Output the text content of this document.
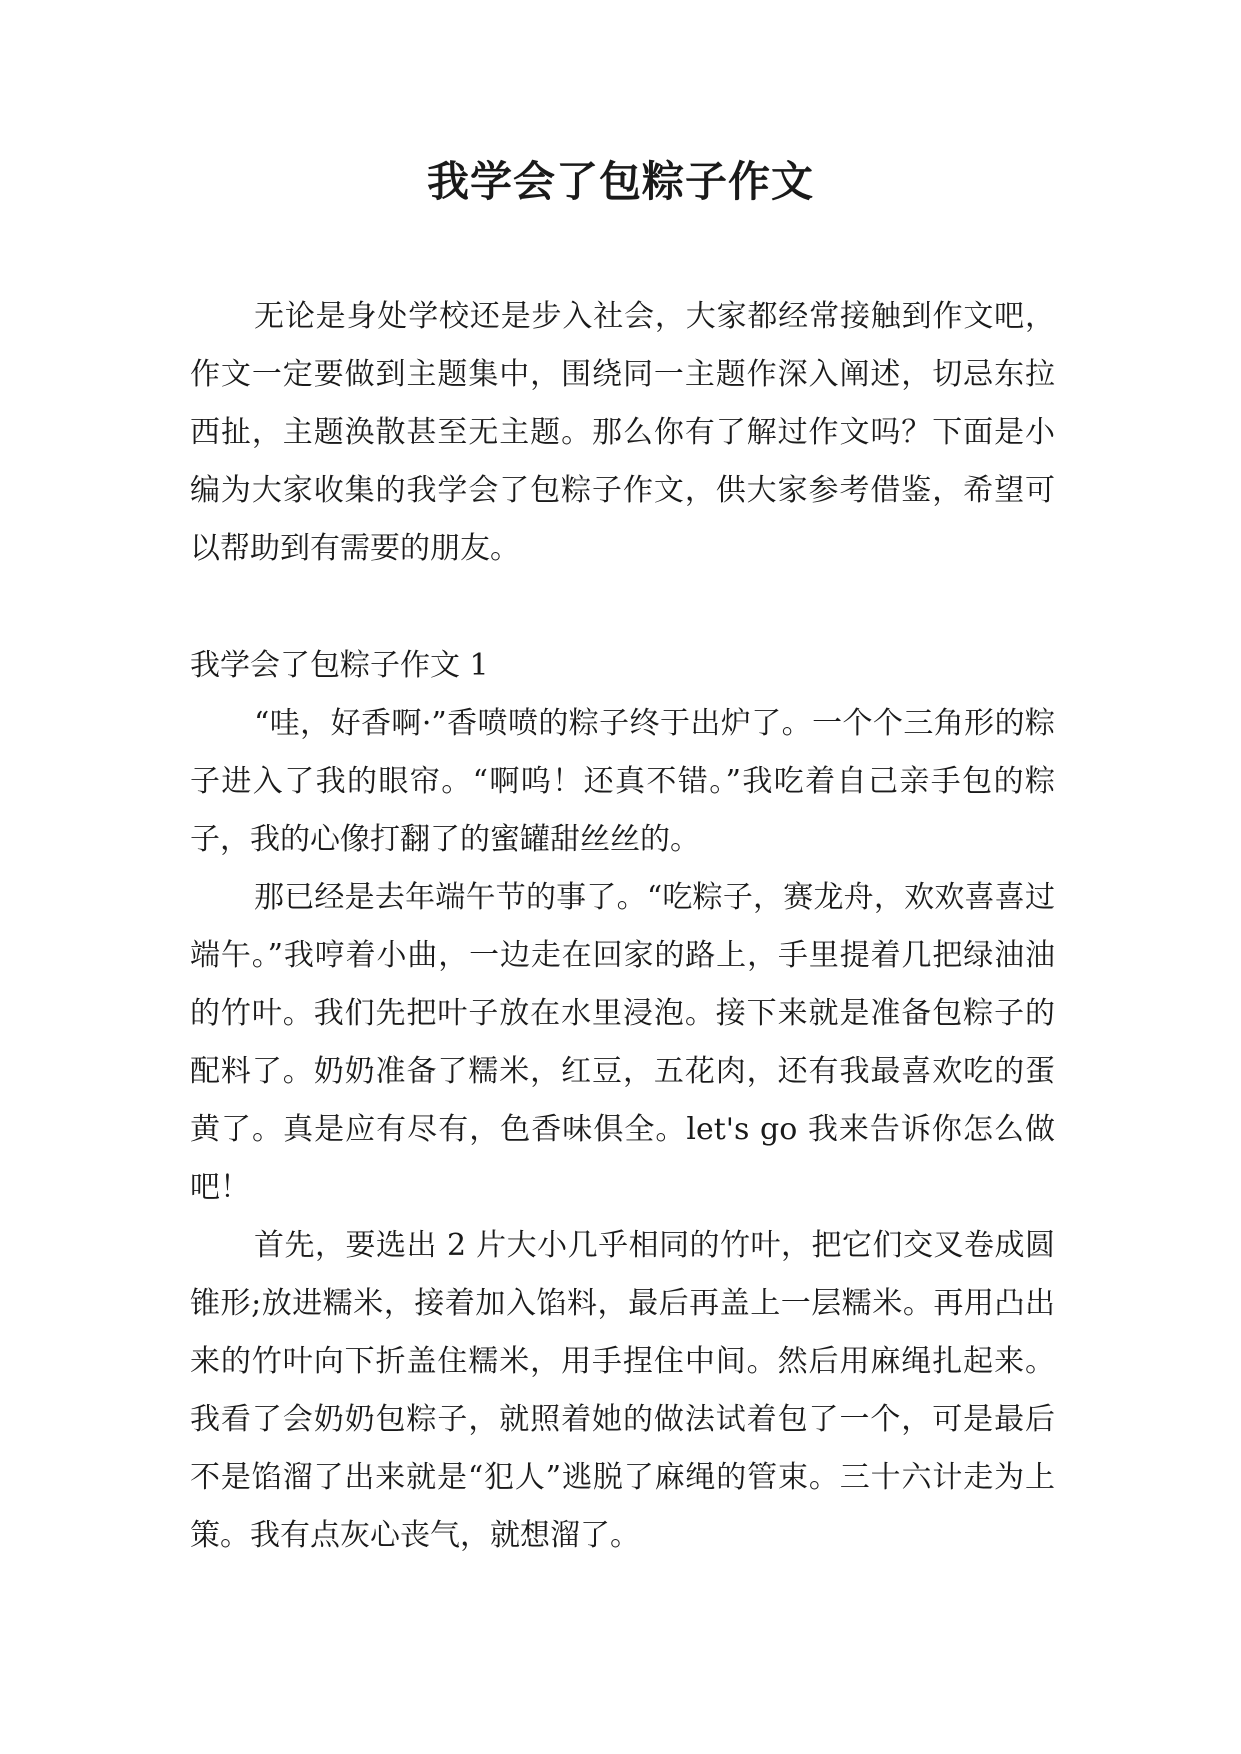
我学会了包粽子作文

无论是身处学校还是步入社会，大家都经常接触到作文吧，作文一定要做到主题集中，围绕同一主题作深入阐述，切忌东拉西扯，主题涣散甚至无主题。那么你有了解过作文吗？下面是小编为大家收集的我学会了包粽子作文，供大家参考借鉴，希望可以帮助到有需要的朋友。

我学会了包粽子作文 1

“哇，好香啊·”香喷喷的粽子终于出炉了。一个个三角形的粽子进入了我的眼帘。“啊呜！还真不错。”我吃着自己亲手包的粽子，我的心像打翻了的蜜罐甜丝丝的。

那已经是去年端午节的事了。“吃粽子，赛龙舟，欢欢喜喜过端午。”我哼着小曲，一边走在回家的路上，手里提着几把绿油油的竹叶。我们先把叶子放在水里浸泡。接下来就是准备包粽子的配料了。奶奶准备了糯米，红豆，五花肉，还有我最喜欢吃的蛋黄了。真是应有尽有，色香味俱全。let's go 我来告诉你怎么做吧！

首先，要选出 2 片大小几乎相同的竹叶，把它们交叉卷成圆锥形;放进糯米，接着加入馅料，最后再盖上一层糯米。再用凸出来的竹叶向下折盖住糯米，用手捏住中间。然后用麻绳扎起来。我看了会奶奶包粽子，就照着她的做法试着包了一个，可是最后不是馅溜了出来就是“犯人”逃脱了麻绳的管束。三十六计走为上策。我有点灰心丧气，就想溜了。
